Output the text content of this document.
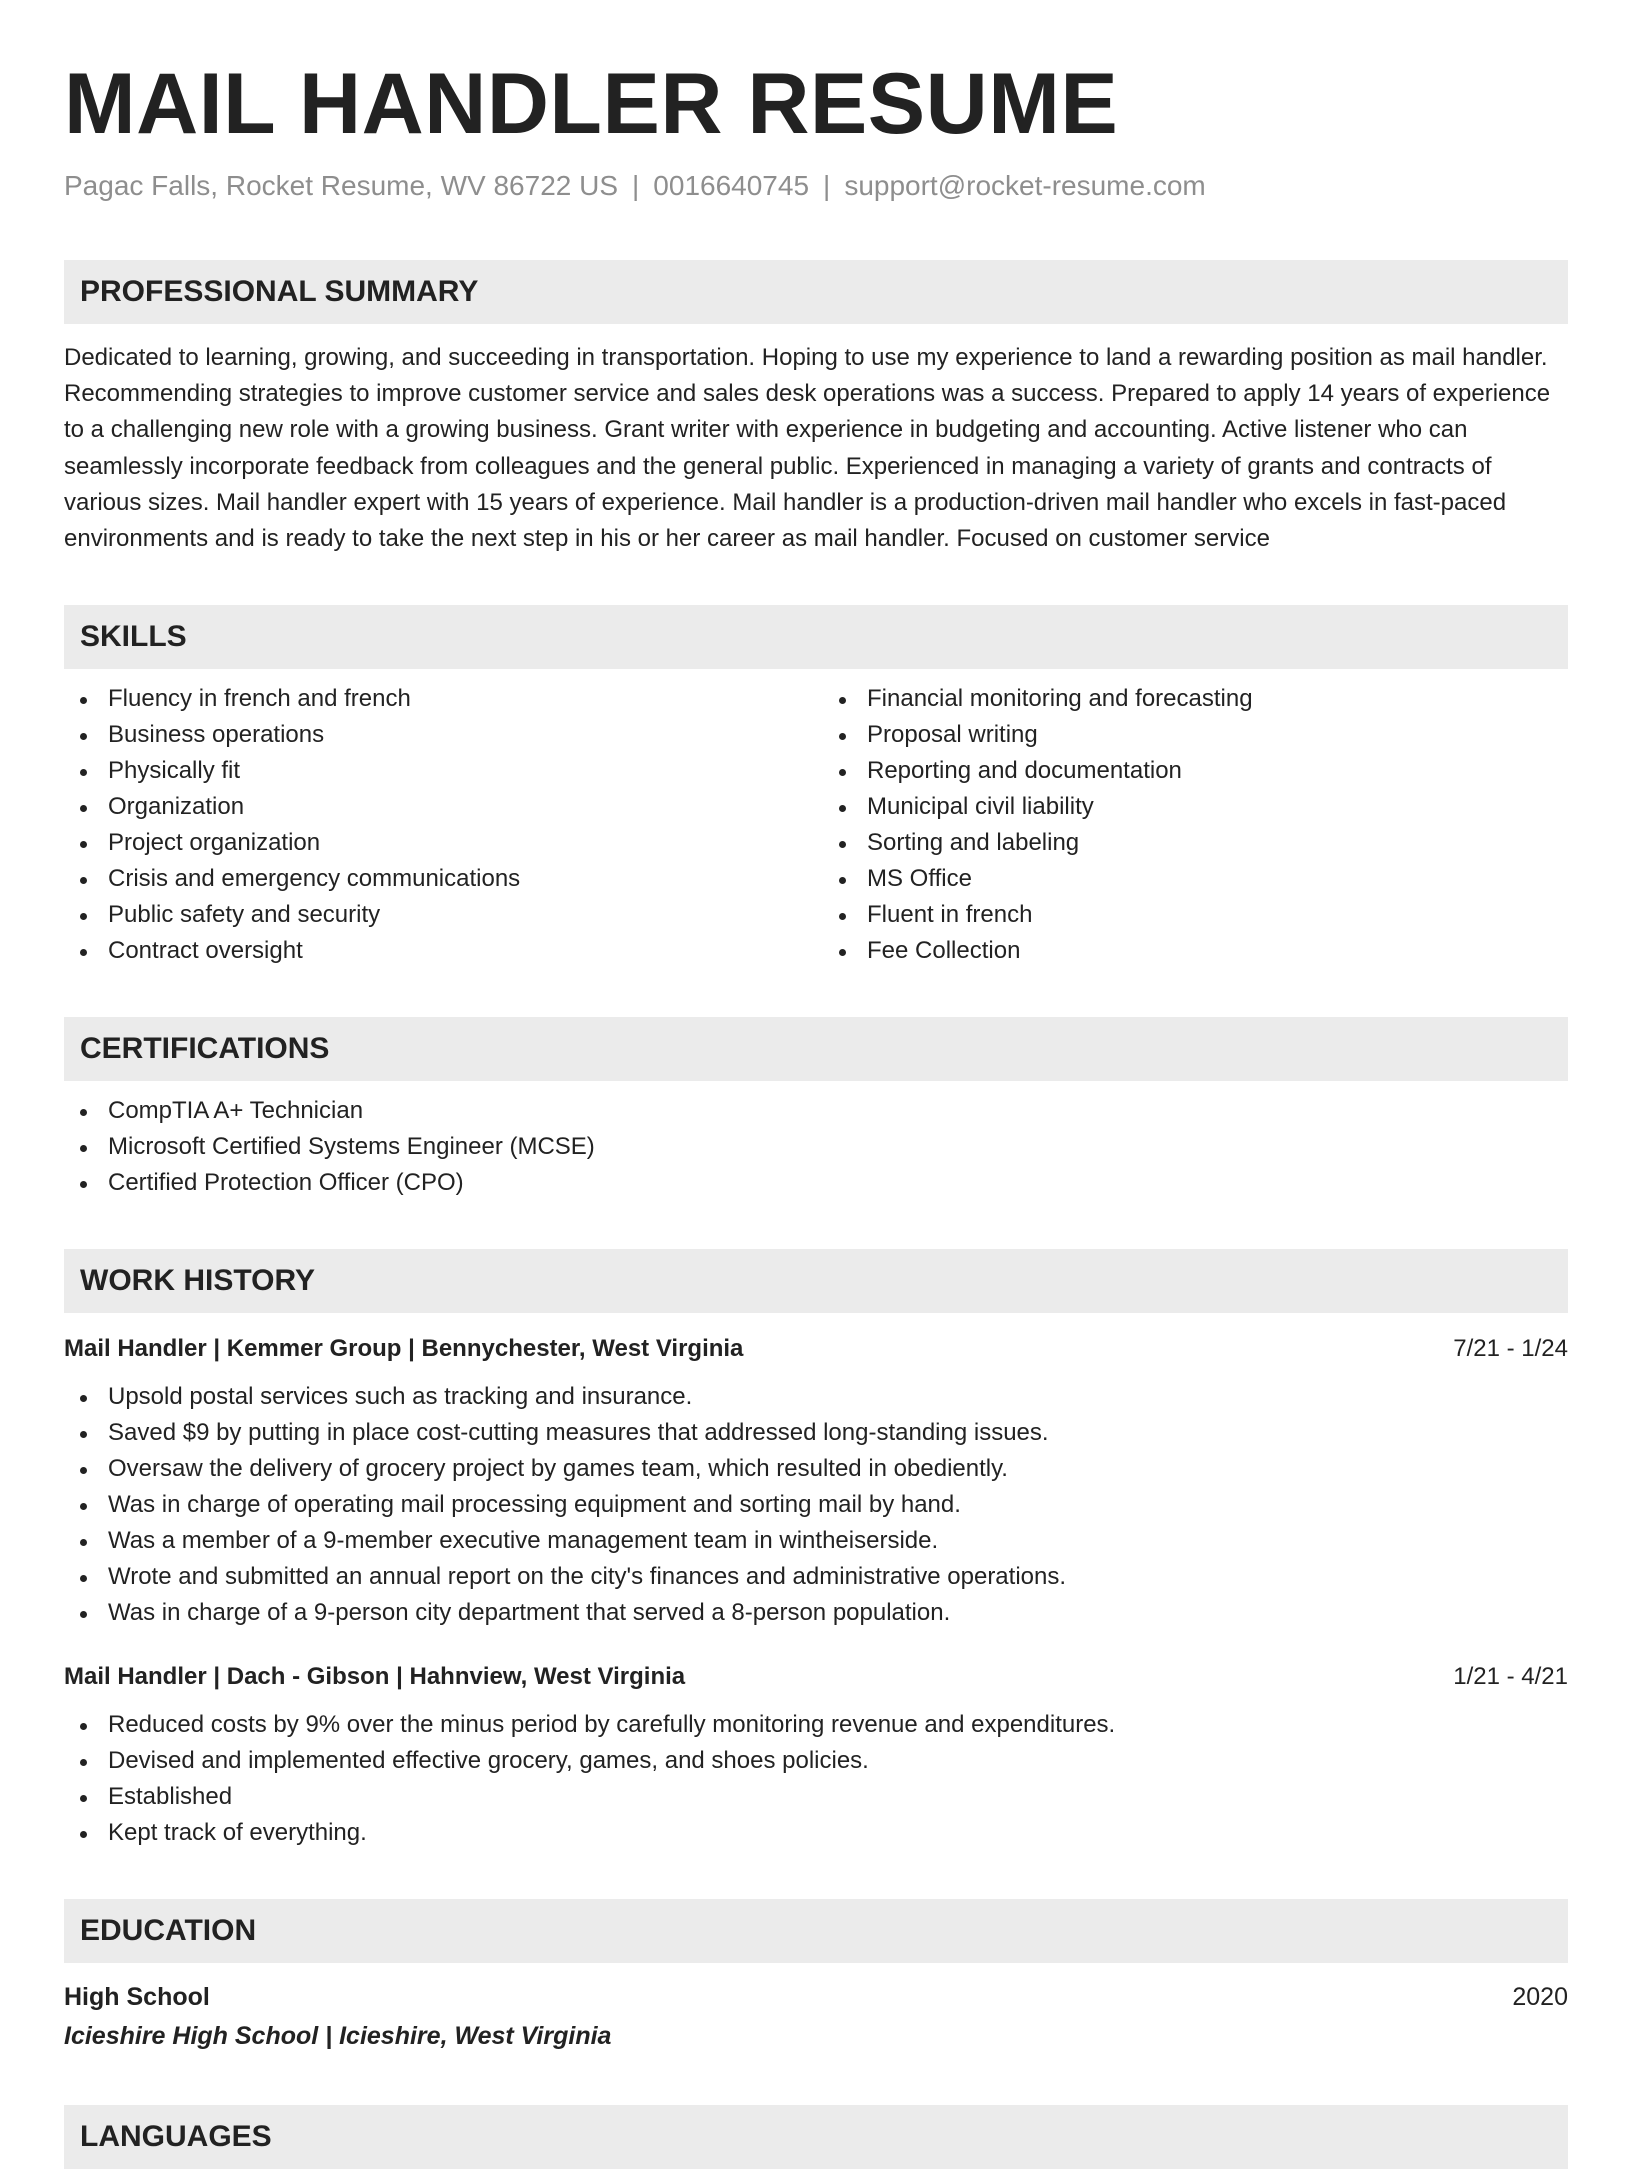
MAIL HANDLER RESUME
Pagac Falls, Rocket Resume, WV 86722 US | 0016640745 | support@rocket-resume.com
PROFESSIONAL SUMMARY

Dedicated to learning, growing, and succeeding in transportation. Hoping to use my experience to land a rewarding position as mail handler. Recommending strategies to improve customer service and sales desk operations was a success. Prepared to apply 14 years of experience to a challenging new role with a growing business. Grant writer with experience in budgeting and accounting. Active listener who can seamlessly incorporate feedback from colleagues and the general public. Experienced in managing a variety of grants and contracts of various sizes. Mail handler expert with 15 years of experience. Mail handler is a production-driven mail handler who excels in fast-paced environments and is ready to take the next step in his or her career as mail handler. Focused on customer service

SKILLS
Fluency in french and french
Business operations
Physically fit
Organization
Project organization
Crisis and emergency communications
Public safety and security
Contract oversight
Financial monitoring and forecasting
Proposal writing
Reporting and documentation
Municipal civil liability
Sorting and labeling
MS Office
Fluent in french
Fee Collection
CERTIFICATIONS
CompTIA A+ Technician
Microsoft Certified Systems Engineer (MCSE)
Certified Protection Officer (CPO)
WORK HISTORY
Mail Handler | Kemmer Group | Bennychester, West Virginia	7/21 - 1/24
Upsold postal services such as tracking and insurance.
Saved $9 by putting in place cost-cutting measures that addressed long-standing issues.
Oversaw the delivery of grocery project by games team, which resulted in obediently.
Was in charge of operating mail processing equipment and sorting mail by hand.
Was a member of a 9-member executive management team in wintheiserside.
Wrote and submitted an annual report on the city's finances and administrative operations.
Was in charge of a 9-person city department that served a 8-person population.
Mail Handler | Dach - Gibson | Hahnview, West Virginia	1/21 - 4/21
Reduced costs by 9% over the minus period by carefully monitoring revenue and expenditures.
Devised and implemented effective grocery, games, and shoes policies.
Established
Kept track of everything.
EDUCATION
High School	2020
Icieshire High School | Icieshire, West Virginia
LANGUAGES
